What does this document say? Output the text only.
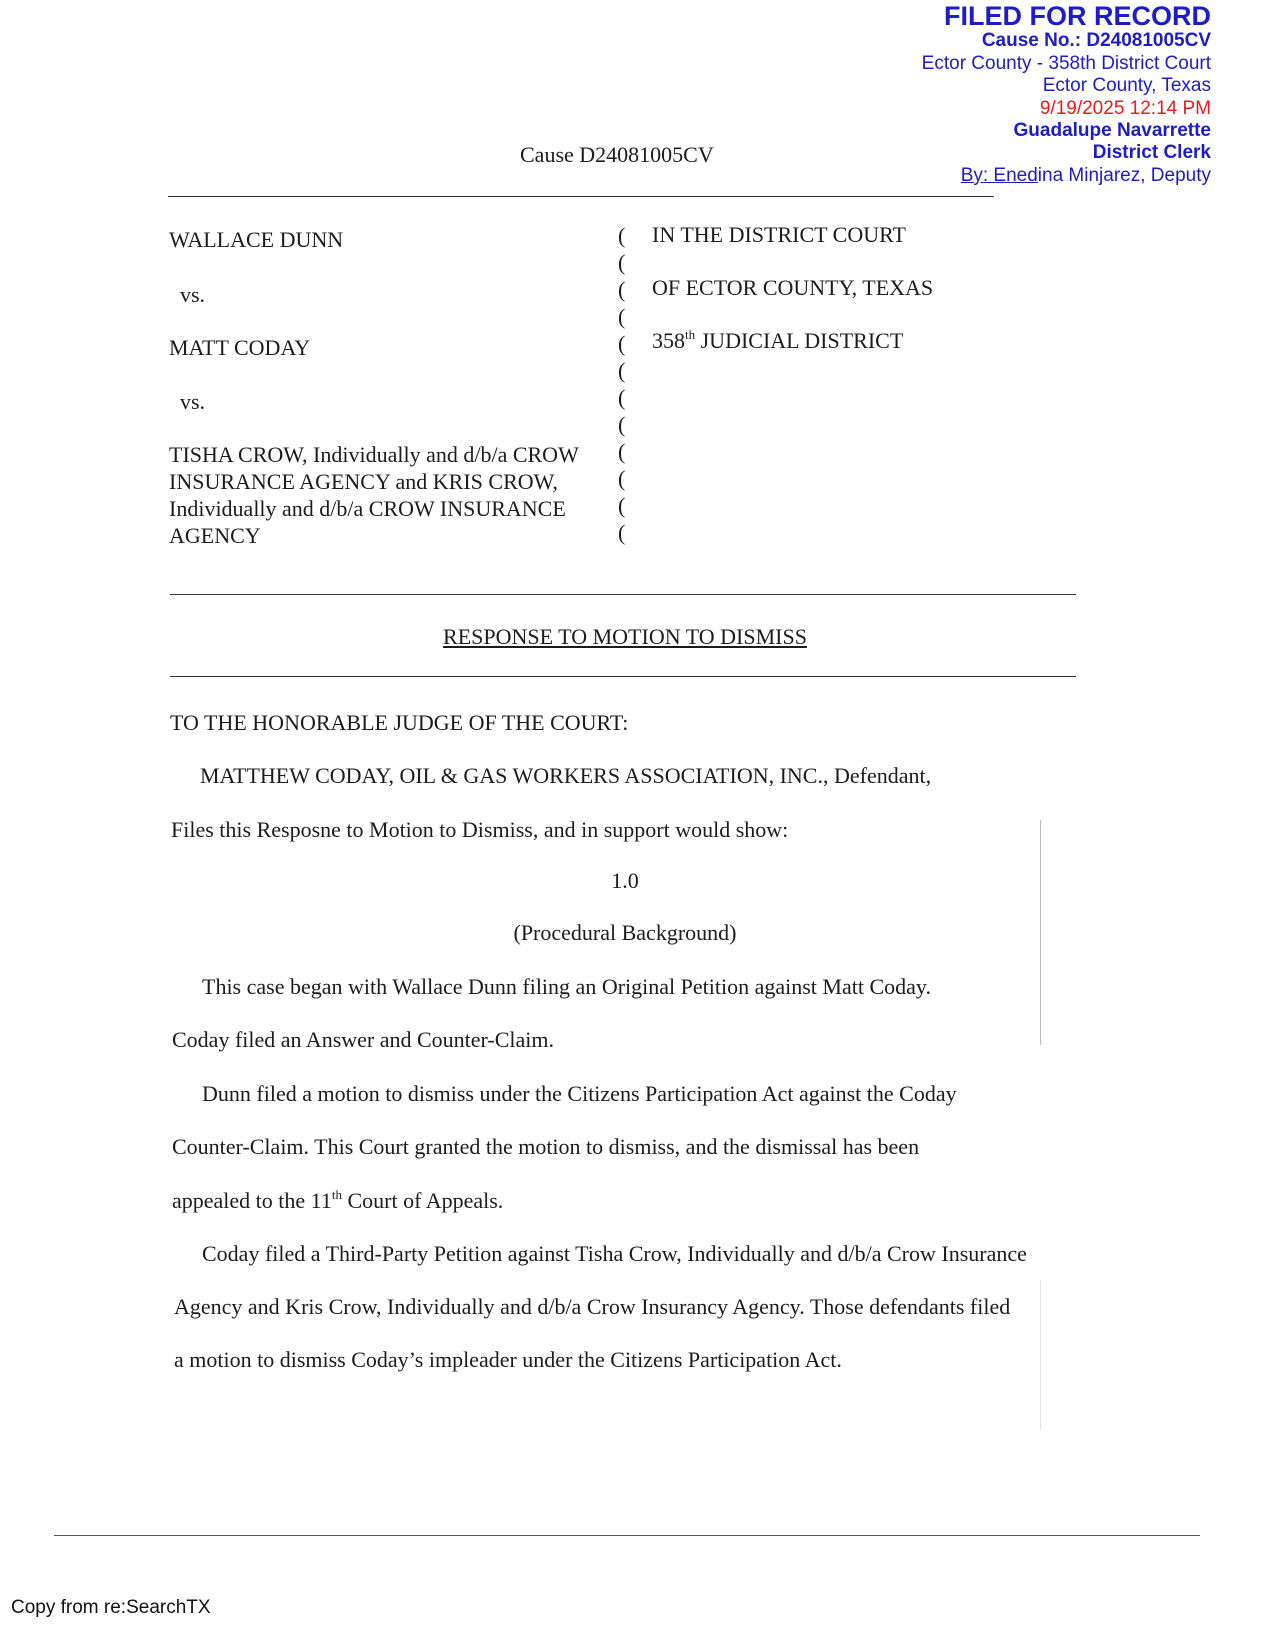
FILED FOR RECORD
Cause No.: D24081005CV
Ector County - 358th District Court
Ector County, Texas
9/19/2025 12:14 PM
Guadalupe Navarrette
District Clerk
By: Enedina Minjarez, Deputy
Cause D24081005CV
WALLACE DUNN
vs.
MATT CODAY
vs.
TISHA CROW, Individually and d/b/a CROW
INSURANCE AGENCY and KRIS CROW,
Individually and d/b/a CROW INSURANCE
AGENCY
(
(
(
(
(
(
(
(
(
(
(
(
IN THE DISTRICT COURT
OF ECTOR COUNTY, TEXAS
358th JUDICIAL DISTRICT
RESPONSE TO MOTION TO DISMISS
TO THE HONORABLE JUDGE OF THE COURT:
MATTHEW CODAY, OIL & GAS WORKERS ASSOCIATION, INC., Defendant,
Files this Resposne to Motion to Dismiss, and in support would show:
1.0
(Procedural Background)
This case began with Wallace Dunn filing an Original Petition against Matt Coday.
Coday filed an Answer and Counter-Claim.
Dunn filed a motion to dismiss under the Citizens Participation Act against the Coday
Counter-Claim. This Court granted the motion to dismiss, and the dismissal has been
appealed to the 11th Court of Appeals.
Coday filed a Third-Party Petition against Tisha Crow, Individually and d/b/a Crow Insurance
Agency and Kris Crow, Individually and d/b/a Crow Insurancy Agency. Those defendants filed
a motion to dismiss Coday’s impleader under the Citizens Participation Act.
Copy from re:SearchTX
